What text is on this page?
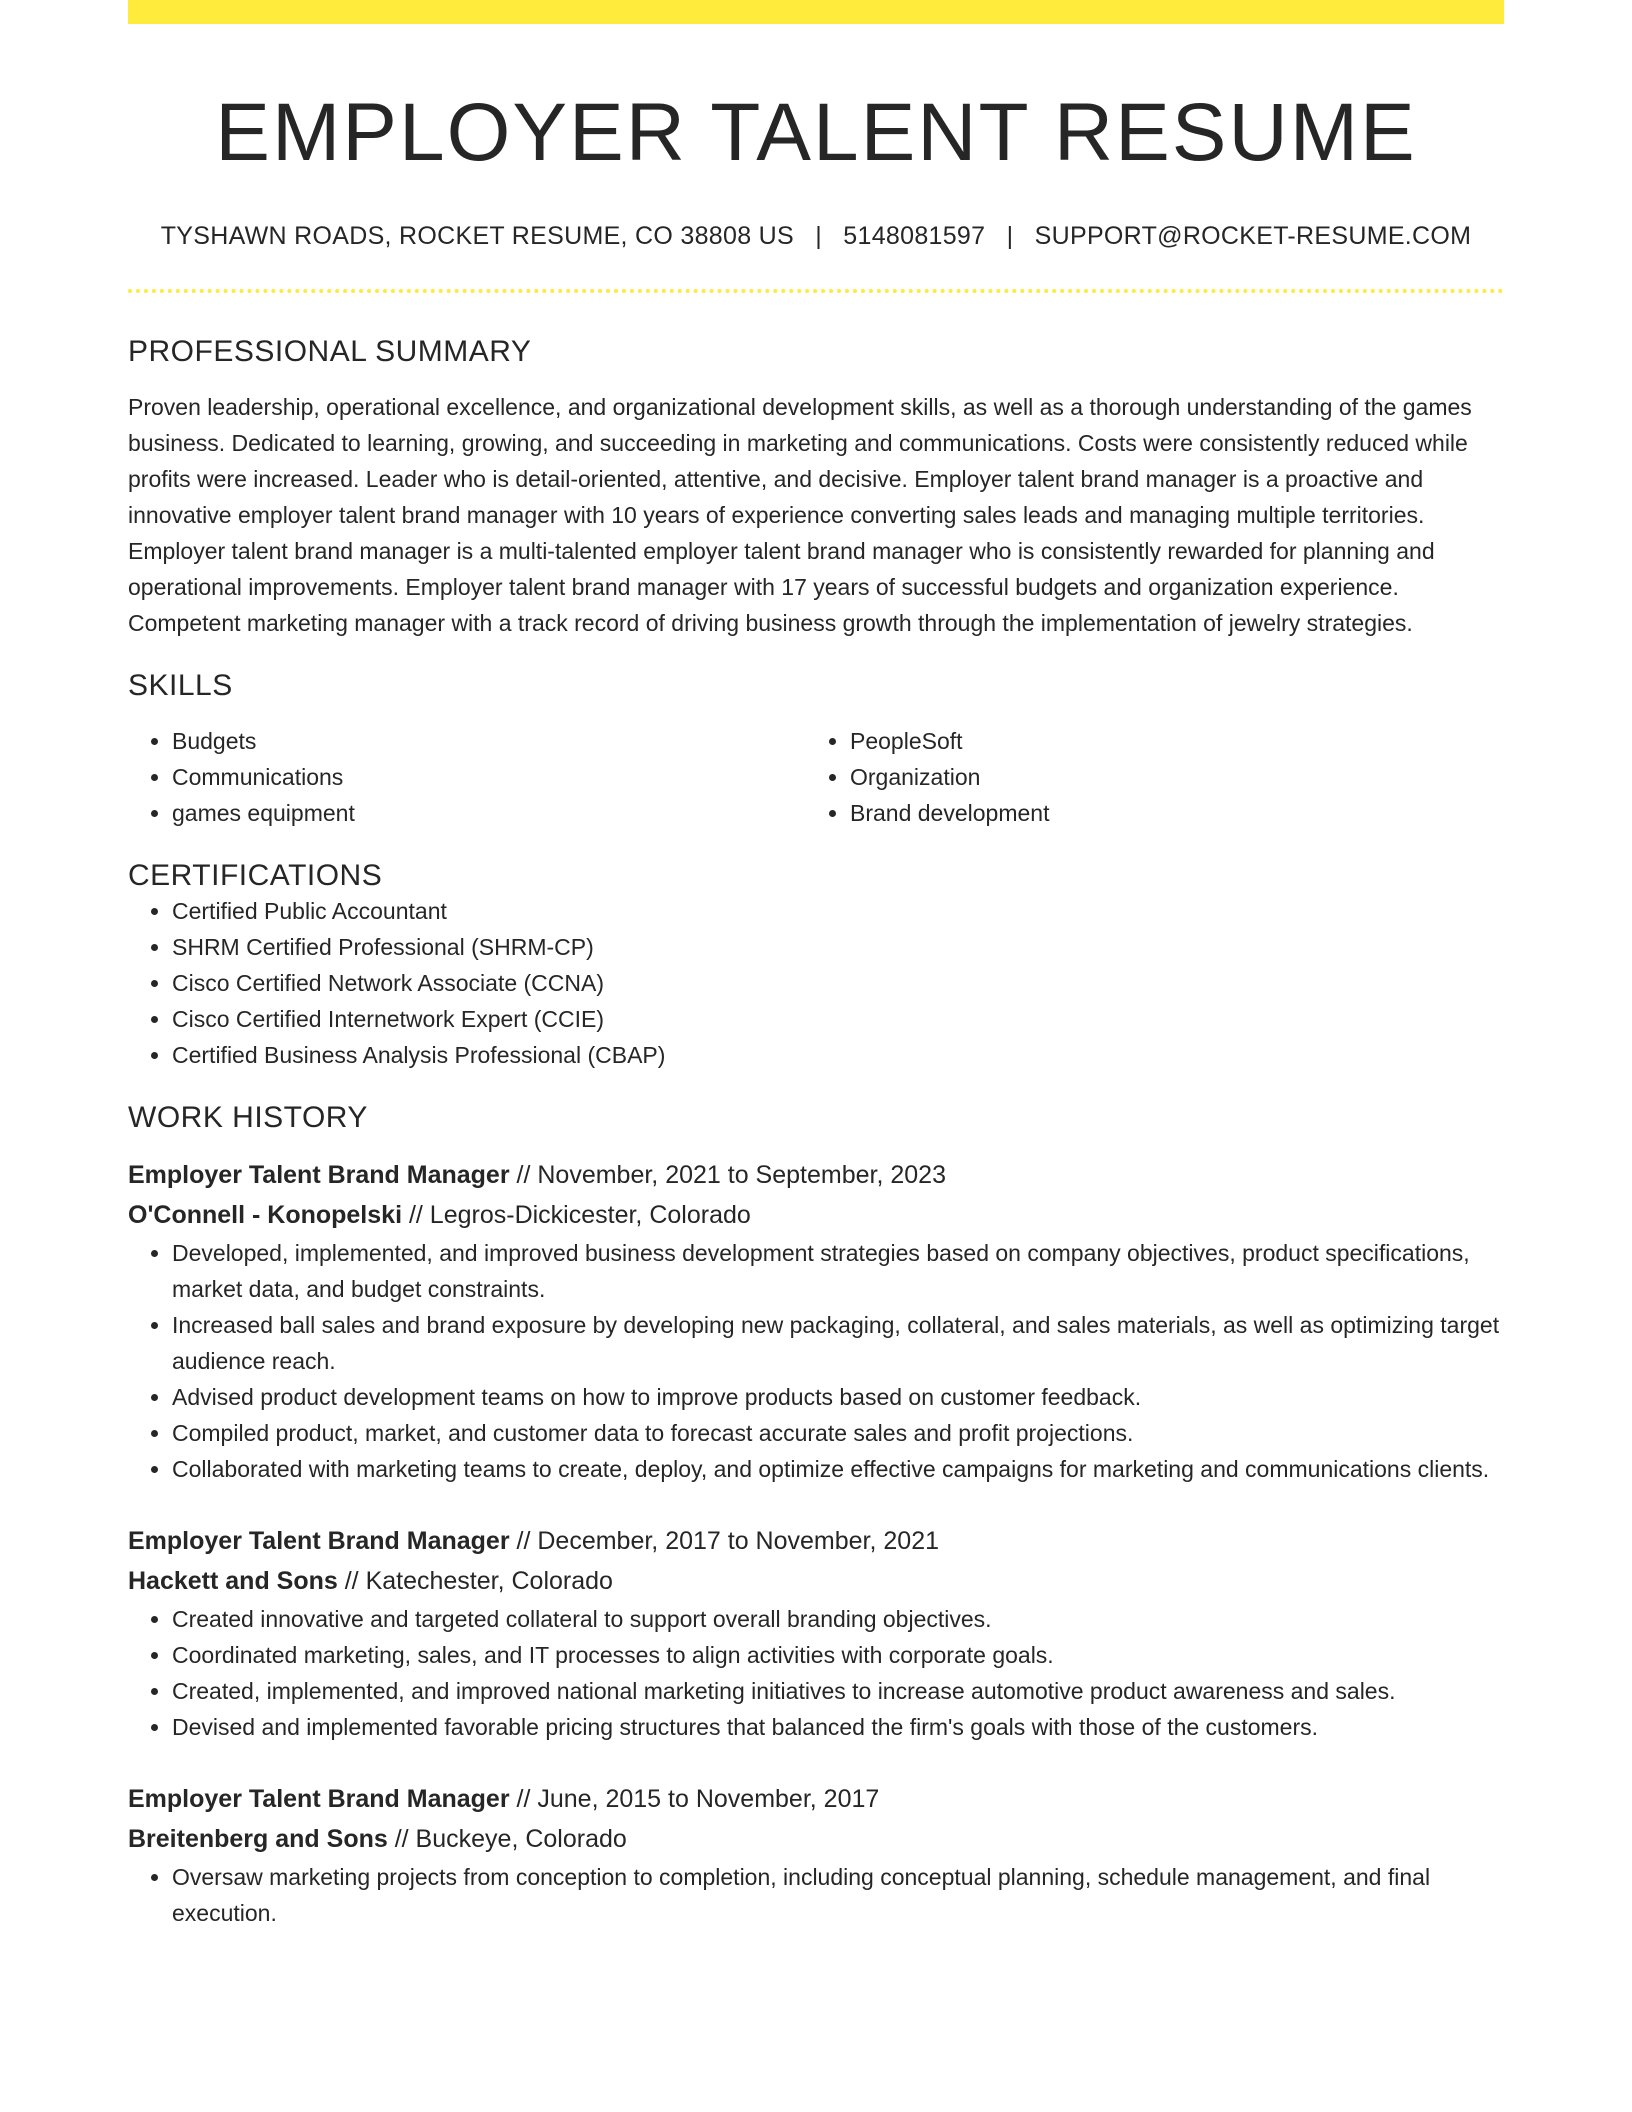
EMPLOYER TALENT RESUME
TYSHAWN ROADS, ROCKET RESUME, CO 38808 US | 5148081597 | SUPPORT@ROCKET-RESUME.COM
PROFESSIONAL SUMMARY

Proven leadership, operational excellence, and organizational development skills, as well as a thorough understanding of the games business. Dedicated to learning, growing, and succeeding in marketing and communications. Costs were consistently reduced while profits were increased. Leader who is detail-oriented, attentive, and decisive. Employer talent brand manager is a proactive and innovative employer talent brand manager with 10 years of experience converting sales leads and managing multiple territories. Employer talent brand manager is a multi-talented employer talent brand manager who is consistently rewarded for planning and operational improvements. Employer talent brand manager with 17 years of successful budgets and organization experience. Competent marketing manager with a track record of driving business growth through the implementation of jewelry strategies.

SKILLS
• Budgets
• Communications
• games equipment
• PeopleSoft
• Organization
• Brand development
CERTIFICATIONS
• Certified Public Accountant
• SHRM Certified Professional (SHRM-CP)
• Cisco Certified Network Associate (CCNA)
• Cisco Certified Internetwork Expert (CCIE)
• Certified Business Analysis Professional (CBAP)
WORK HISTORY
Employer Talent Brand Manager // November, 2021 to September, 2023
O'Connell - Konopelski // Legros-Dickicester, Colorado
• Developed, implemented, and improved business development strategies based on company objectives, product specifications, market data, and budget constraints.
• Increased ball sales and brand exposure by developing new packaging, collateral, and sales materials, as well as optimizing target audience reach.
• Advised product development teams on how to improve products based on customer feedback.
• Compiled product, market, and customer data to forecast accurate sales and profit projections.
• Collaborated with marketing teams to create, deploy, and optimize effective campaigns for marketing and communications clients.
Employer Talent Brand Manager // December, 2017 to November, 2021
Hackett and Sons // Katechester, Colorado
• Created innovative and targeted collateral to support overall branding objectives.
• Coordinated marketing, sales, and IT processes to align activities with corporate goals.
• Created, implemented, and improved national marketing initiatives to increase automotive product awareness and sales.
• Devised and implemented favorable pricing structures that balanced the firm's goals with those of the customers.
Employer Talent Brand Manager // June, 2015 to November, 2017
Breitenberg and Sons // Buckeye, Colorado
• Oversaw marketing projects from conception to completion, including conceptual planning, schedule management, and final execution.
